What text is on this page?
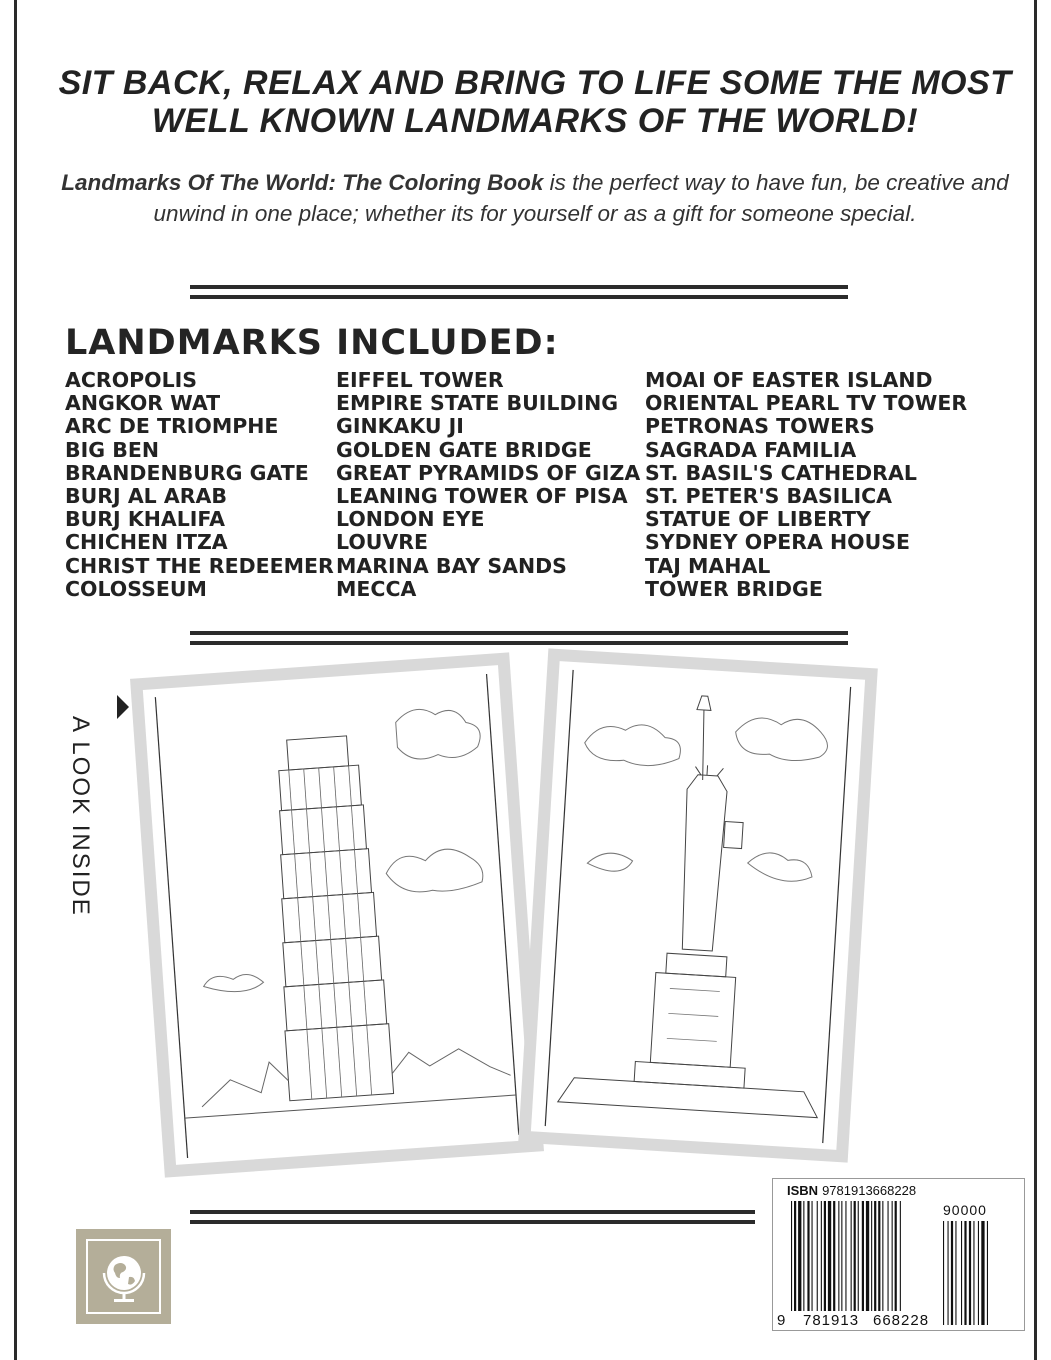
SIT BACK, RELAX AND BRING TO LIFE SOME THE MOST WELL KNOWN LANDMARKS OF THE WORLD!
Landmarks Of The World: The Coloring Book is the perfect way to have fun, be creative and unwind in one place; whether its for yourself or as a gift for someone special.
LANDMARKS INCLUDED:
ACROPOLIS
ANGKOR WAT
ARC DE TRIOMPHE
BIG BEN
BRANDENBURG GATE
BURJ AL ARAB
BURJ KHALIFA
CHICHEN ITZA
CHRIST THE REDEEMER
COLOSSEUM
EIFFEL TOWER
EMPIRE STATE BUILDING
GINKAKU JI
GOLDEN GATE BRIDGE
GREAT PYRAMIDS OF GIZA
LEANING TOWER OF PISA
LONDON EYE
LOUVRE
MARINA BAY SANDS
MECCA
MOAI OF EASTER ISLAND
ORIENTAL PEARL TV TOWER
PETRONAS TOWERS
SAGRADA FAMILIA
ST. BASIL'S CATHEDRAL
ST. PETER'S BASILICA
STATUE OF LIBERTY
SYDNEY OPERA HOUSE
TAJ MAHAL
TOWER BRIDGE
A LOOK INSIDE
ISBN 9781913668228
90000
9 781913 668228
